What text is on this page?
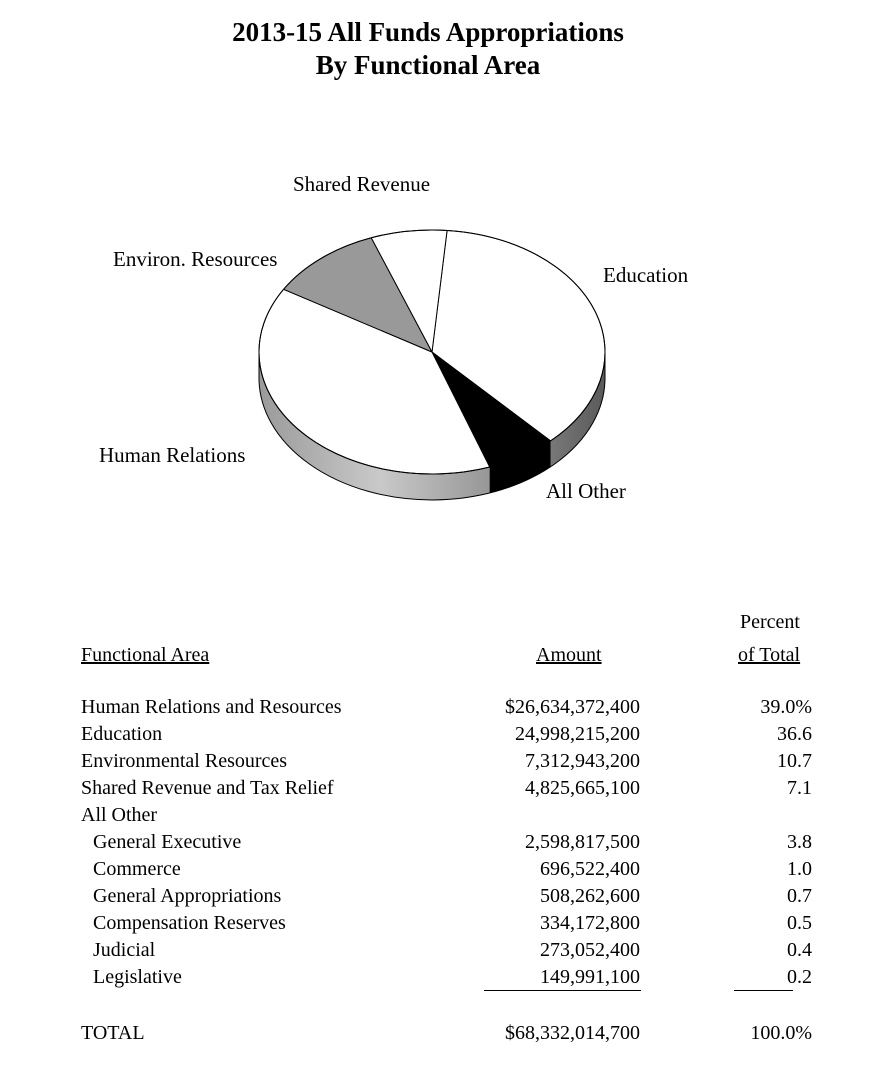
2013-15 All Funds Appropriations
By Functional Area
Education
All Other
Human Relations
Environ. Resources
Shared Revenue
Percent
Functional Area	Amount	of Total
Human Relations and Resources	$26,634,372,400	39.0%
Education	24,998,215,200	36.6
Environmental Resources	7,312,943,200	10.7
Shared Revenue and Tax Relief	4,825,665,100	7.1
All Other
General Executive	2,598,817,500	3.8
Commerce	696,522,400	1.0
General Appropriations	508,262,600	0.7
Compensation Reserves	334,172,800	0.5
Judicial	273,052,400	0.4
Legislative	149,991,100	0.2
TOTAL	$68,332,014,700	100.0%
